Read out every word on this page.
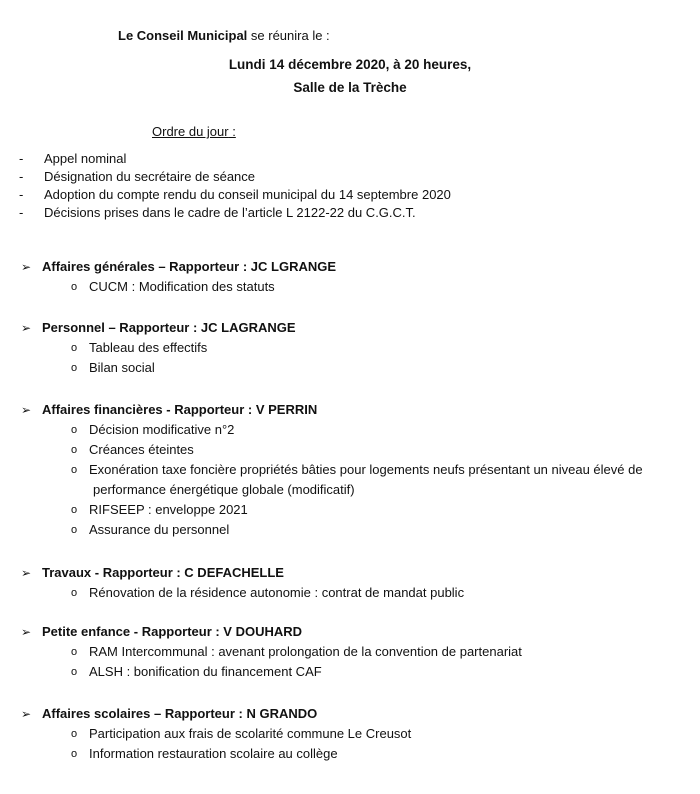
Le Conseil Municipal se réunira le :
Lundi 14 décembre 2020, à 20 heures,
Salle de la Trèche
Ordre du jour :
- Appel nominal
- Désignation du secrétaire de séance
- Adoption du compte rendu du conseil municipal du 14 septembre 2020
- Décisions prises dans le cadre de l’article L 2122-22 du C.G.C.T.
➢ Affaires générales – Rapporteur : JC LGRANGE
o CUCM : Modification des statuts
➢ Personnel – Rapporteur : JC LAGRANGE
o Tableau des effectifs
o Bilan social
➢ Affaires financières - Rapporteur : V PERRIN
o Décision modificative n°2
o Créances éteintes
o Exonération taxe foncière propriétés bâties pour logements neufs présentant un niveau élevé de
performance énergétique globale (modificatif)
o RIFSEEP : enveloppe 2021
o Assurance du personnel
➢ Travaux - Rapporteur : C DEFACHELLE
o Rénovation de la résidence autonomie : contrat de mandat public
➢ Petite enfance - Rapporteur : V DOUHARD
o RAM Intercommunal : avenant prolongation de la convention de partenariat
o ALSH : bonification du financement CAF
➢ Affaires scolaires – Rapporteur : N GRANDO
o Participation aux frais de scolarité commune Le Creusot
o Information restauration scolaire au collège
